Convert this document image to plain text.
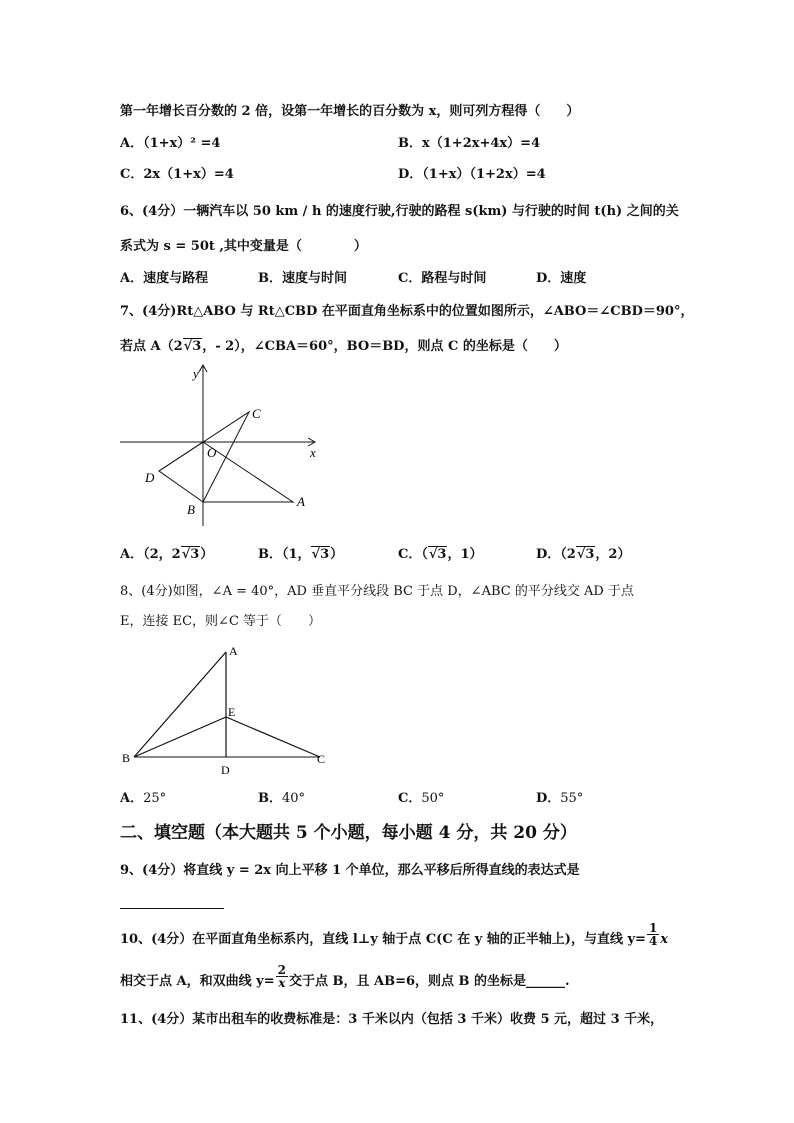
第一年增长百分数的 2 倍，设第一年增长的百分数为 x，则可列方程得（　　）
A．（1+x）² =4	B．x（1+2x+4x）=4
C．2x（1+x）=4	D．（1+x）（1+2x）=4
6、(4分）一辆汽车以 50 km / h 的速度行驶,行驶的路程 s(km) 与行驶的时间 t(h) 之间的关
系式为 s = 50t ,其中变量是（　　　　）
A．速度与路程	B．速度与时间	C．路程与时间	D．速度
7、(4分)Rt△ABO 与 Rt△CBD 在平面直角坐标系中的位置如图所示，∠ABO＝∠CBD＝90°，
若点 A（2√3，- 2），∠CBA＝60°，BO＝BD，则点 C 的坐标是（　　）
y
x
O
C
D
B
A
A．（2，2√3）	B．（1，√3）	C．（√3，1）	D．（2√3，2）
8、(4分)如图，∠A = 40°，AD 垂直平分线段 BC 于点 D，∠ABC 的平分线交 AD 于点
E，连接 EC，则∠C 等于（　　）
A
E
B	C
D
A．25°	B．40°	C．50°	D．55°
二、填空题（本大题共 5 个小题，每小题 4 分，共 20 分）
9、(4分）将直线 y = 2x 向上平移 1 个单位，那么平移后所得直线的表达式是
10、(4分）在平面直角坐标系内，直线 l⊥y 轴于点 C(C 在 y 轴的正半轴上)，与直线 $y= \frac{1}{4}$ x
相交于点 A，和双曲线 $y= \frac{2}{x}$ 交于点 B，且 AB=6，则点 B 的坐标是______.
11、(4分）某市出租车的收费标准是：3 千米以内（包括 3 千米）收费 5 元，超过 3 千米，
